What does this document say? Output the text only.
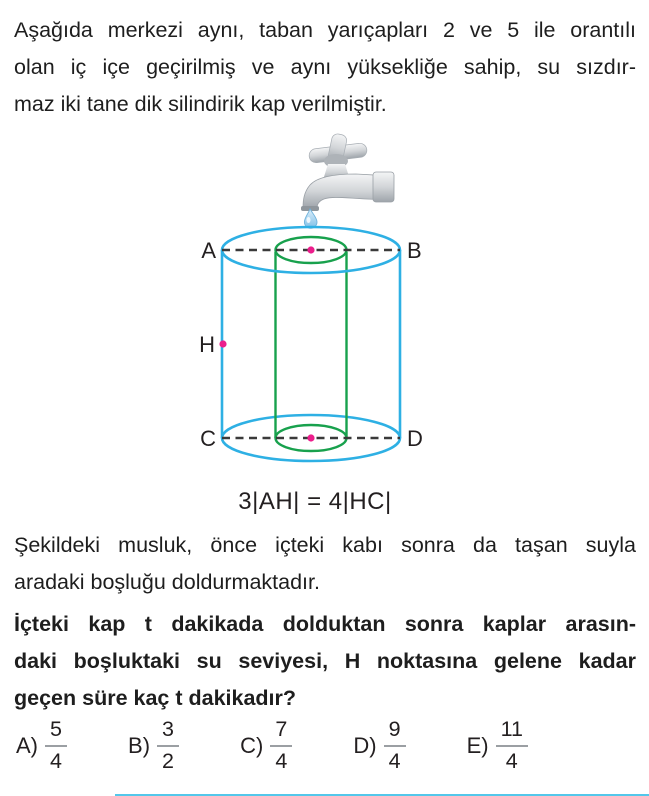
Aşağıda merkezi aynı, taban yarıçapları 2 ve 5 ile orantılı
olan iç içe geçirilmiş ve aynı yüksekliğe sahip, su sızdır-
maz iki tane dik silindirik kap verilmiştir.
A	B
H
C	D
3|AH| = 4|HC|
Şekildeki musluk, önce içteki kabı sonra da taşan suyla
aradaki boşluğu doldurmaktadır.
İçteki kap t dakikada dolduktan sonra kaplar arasın-
daki boşluktaki su seviyesi, H noktasına gelene kadar
geçen süre kaç t dakikadır?
$A) \frac{5}{4}$	$B) \frac{3}{2}$	$C) \frac{7}{4}$	$D) \frac{9}{4}$	$E) \frac{11}{4}$
